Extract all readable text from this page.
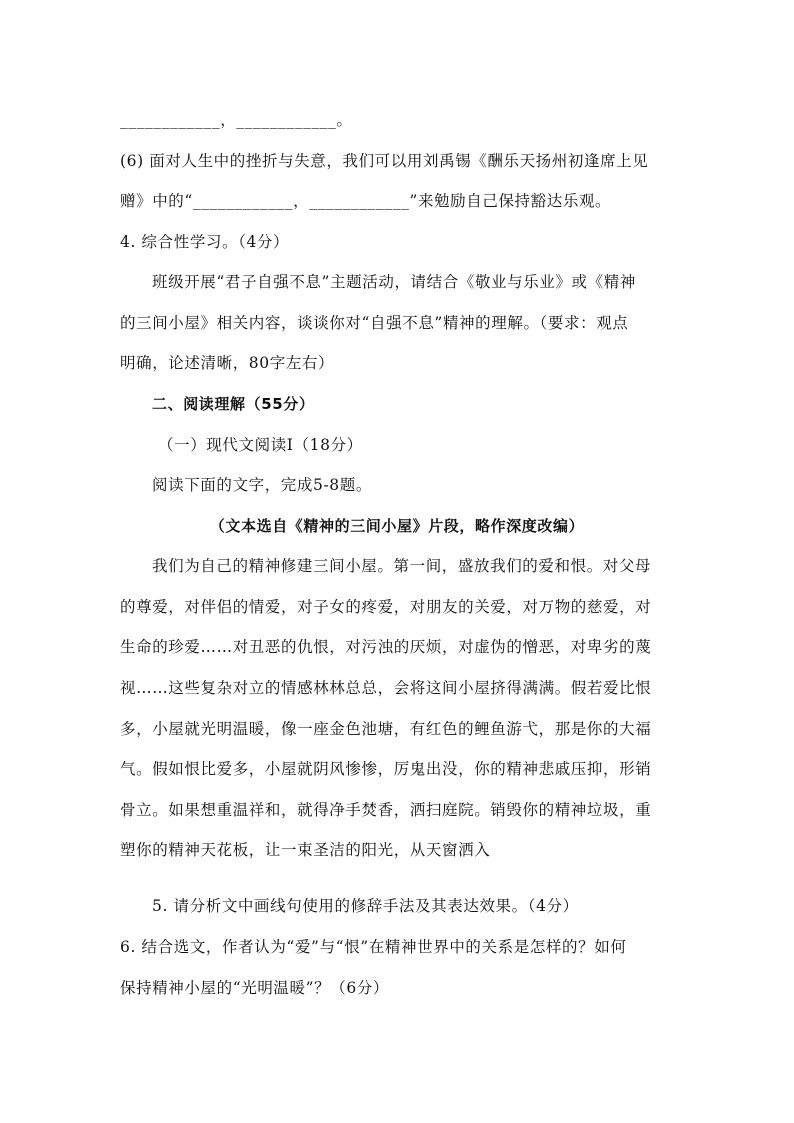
____________，____________。
(6) 面对人生中的挫折与失意，我们可以用刘禹锡《酬乐天扬州初逢席上见
赠》中的“____________，____________”来勉励自己保持豁达乐观。
4. 综合性学习。（4分）
班级开展“君子自强不息”主题活动，请结合《敬业与乐业》或《精神
的三间小屋》相关内容，谈谈你对“自强不息”精神的理解。（要求：观点
明确，论述清晰，80字左右）
二、阅读理解（55分）
（一）现代文阅读Ⅰ（18分）
阅读下面的文字，完成5-8题。
（文本选自《精神的三间小屋》片段，略作深度改编）
我们为自己的精神修建三间小屋。第一间，盛放我们的爱和恨。对父母
的尊爱，对伴侣的情爱，对子女的疼爱，对朋友的关爱，对万物的慈爱，对
生命的珍爱……对丑恶的仇恨，对污浊的厌烦，对虚伪的憎恶，对卑劣的蔑
视……这些复杂对立的情感林林总总，会将这间小屋挤得满满。假若爱比恨
多，小屋就光明温暖，像一座金色池塘，有红色的鲤鱼游弋，那是你的大福
气。假如恨比爱多，小屋就阴风惨惨，厉鬼出没，你的精神悲戚压抑，形销
骨立。如果想重温祥和，就得净手焚香，洒扫庭院。销毁你的精神垃圾，重
塑你的精神天花板，让一束圣洁的阳光，从天窗洒入
5. 请分析文中画线句使用的修辞手法及其表达效果。（4分）
6. 结合选文，作者认为“爱”与“恨”在精神世界中的关系是怎样的？如何
保持精神小屋的“光明温暖”？（6分）
